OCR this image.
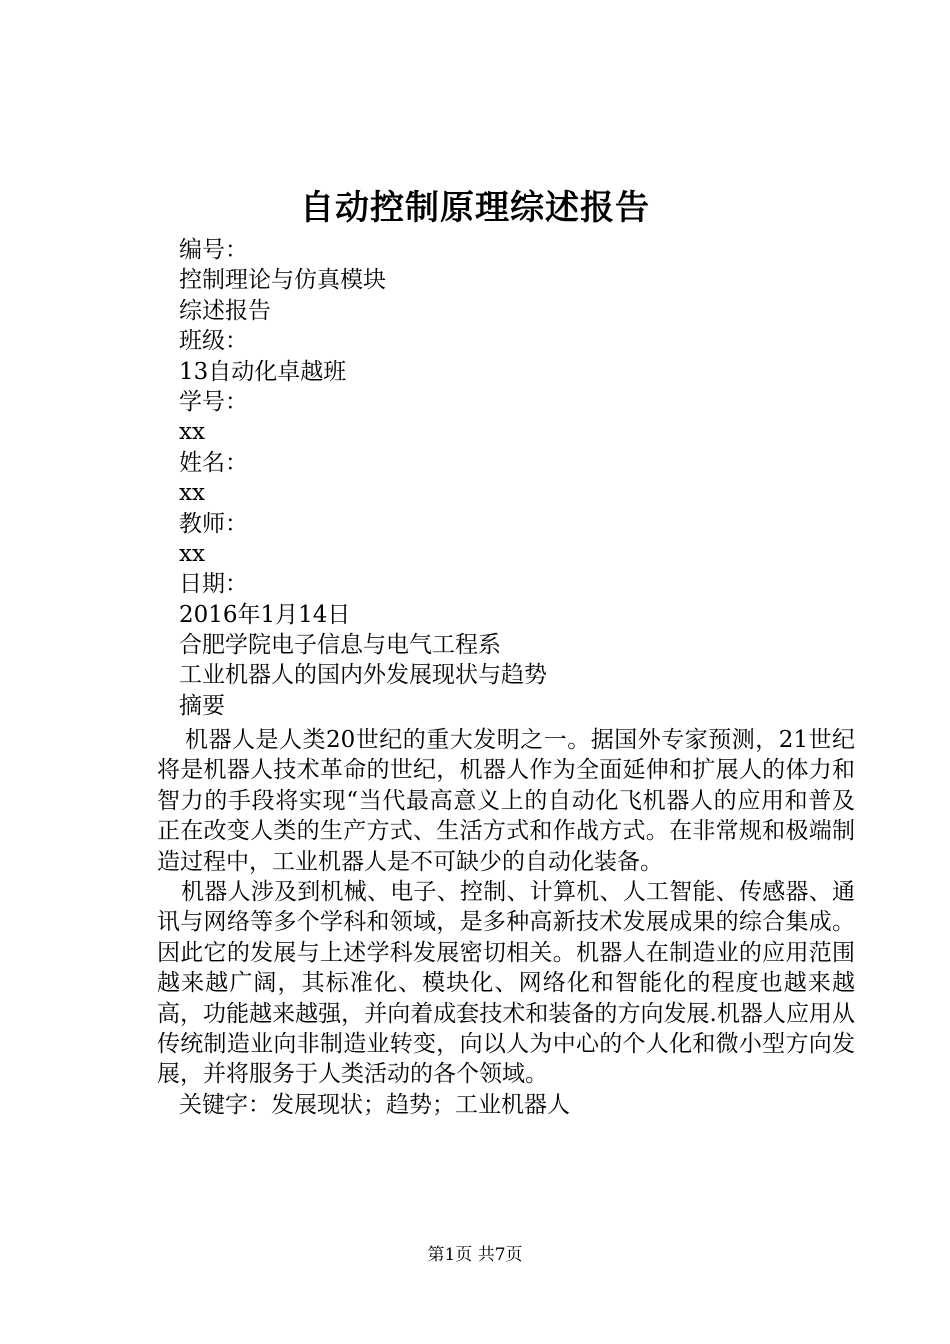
自动控制原理综述报告
编号：
控制理论与仿真模块
综述报告
班级：
13自动化卓越班
学号：
xx
姓名：
xx
教师：
xx
日期：
2016年1月14日
合肥学院电子信息与电气工程系
工业机器人的国内外发展现状与趋势
摘要

机器人是人类20世纪的重大发明之一。据国外专家预测，21世纪将是机器人技术革命的世纪，机器人作为全面延伸和扩展人的体力和智力的手段将实现“当代最高意义上的自动化飞机器人的应用和普及正在改变人类的生产方式、生活方式和作战方式。在非常规和极端制造过程中，工业机器人是不可缺少的自动化装备。

机器人涉及到机械、电子、控制、计算机、人工智能、传感器、通讯与网络等多个学科和领域，是多种高新技术发展成果的综合集成。因此它的发展与上述学科发展密切相关。机器人在制造业的应用范围越来越广阔，其标准化、模块化、网络化和智能化的程度也越来越高，功能越来越强，并向着成套技术和装备的方向发展.机器人应用从传统制造业向非制造业转变，向以人为中心的个人化和微小型方向发展，并将服务于人类活动的各个领域。

关键字：发展现状；趋势；工业机器人

第1页 共7页
